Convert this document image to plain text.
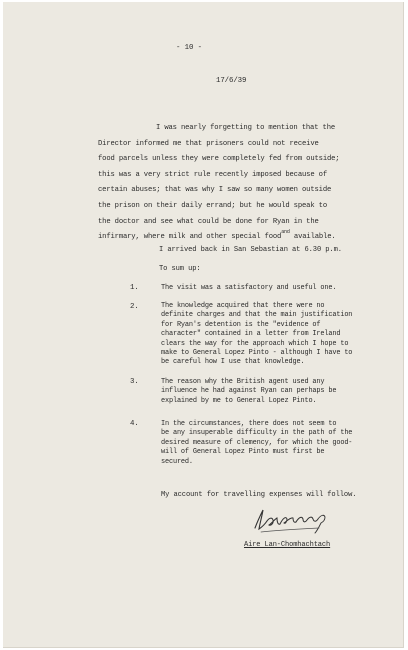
- 10 -
17/6/39
I was nearly forgetting to mention that the
Director informed me that prisoners could not receive
food parcels unless they were completely fed from outside;
this was a very strict rule recently imposed because of
certain abuses; that was why I saw so many women outside
the prison on their daily errand; but he would speak to
the doctor and see what could be done for Ryan in the
infirmary, where milk and other special food$^{and}$ available.
I arrived back in San Sebastian at 6.30 p.m.
To sum up:
1.	The visit was a satisfactory and useful one.
2.	The knowledge acquired that there were no
definite charges and that the main justification
for Ryan's detention is the "evidence of
character" contained in a letter from Ireland
clears the way for the approach which I hope to
make to General Lopez Pinto - although I have to
be careful how I use that knowledge.
3.	The reason why the British agent used any
influence he had against Ryan can perhaps be
explained by me to General Lopez Pinto.
4.	In the circumstances, there does not seem to
be any insuperable difficulty in the path of the
desired measure of clemency, for which the good-
will of General Lopez Pinto must first be
secured.
My account for travelling expenses will follow.
Aire Lan-Chomhachtach
